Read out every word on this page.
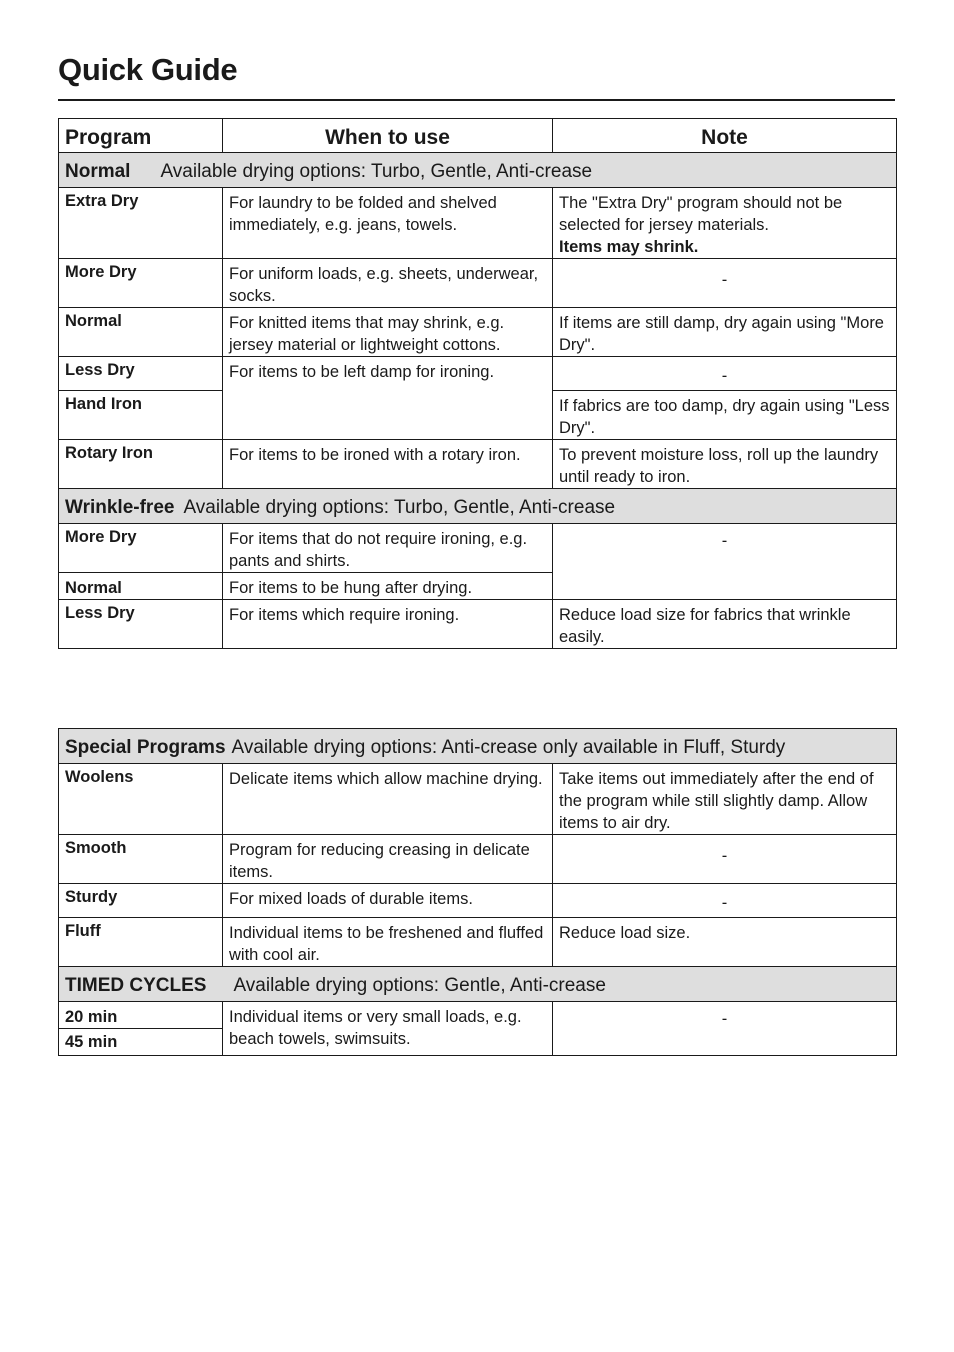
Quick Guide
Program	When to use	Note
Normal Available drying options: Turbo, Gentle, Anti-crease		
Extra Dry	For laundry to be folded and shelved immediately, e.g. jeans, towels.	The "Extra Dry" program should not be selected for jersey materials.
Items may shrink.
More Dry	For uniform loads, e.g. sheets, underwear, socks.	-
Normal	For knitted items that may shrink, e.g. jersey material or lightweight cottons.	If items are still damp, dry again using "More Dry".
Less Dry	For items to be left damp for ironing.	-
Hand Iron		If fabrics are too damp, dry again using "Less Dry".
Rotary Iron	For items to be ironed with a rotary iron.	To prevent moisture loss, roll up the laundry until ready to iron.
Wrinkle-free Available drying options: Turbo, Gentle, Anti-crease		
More Dry	For items that do not require ironing, e.g. pants and shirts.	-
Normal	For items to be hung after drying.	
Less Dry	For items which require ironing.	Reduce load size for fabrics that wrinkle easily.
Special Programs Available drying options: Anti-crease only available in Fluff, Sturdy		
Woolens	Delicate items which allow machine drying.	Take items out immediately after the end of the program while still slightly damp. Allow items to air dry.
Smooth	Program for reducing creasing in delicate items.	-
Sturdy	For mixed loads of durable items.	-
Fluff	Individual items to be freshened and fluffed with cool air.	Reduce load size.
TIMED CYCLES Available drying options: Gentle, Anti-crease		
20 min	Individual items or very small loads, e.g. beach towels, swimsuits.	-
45 min		
